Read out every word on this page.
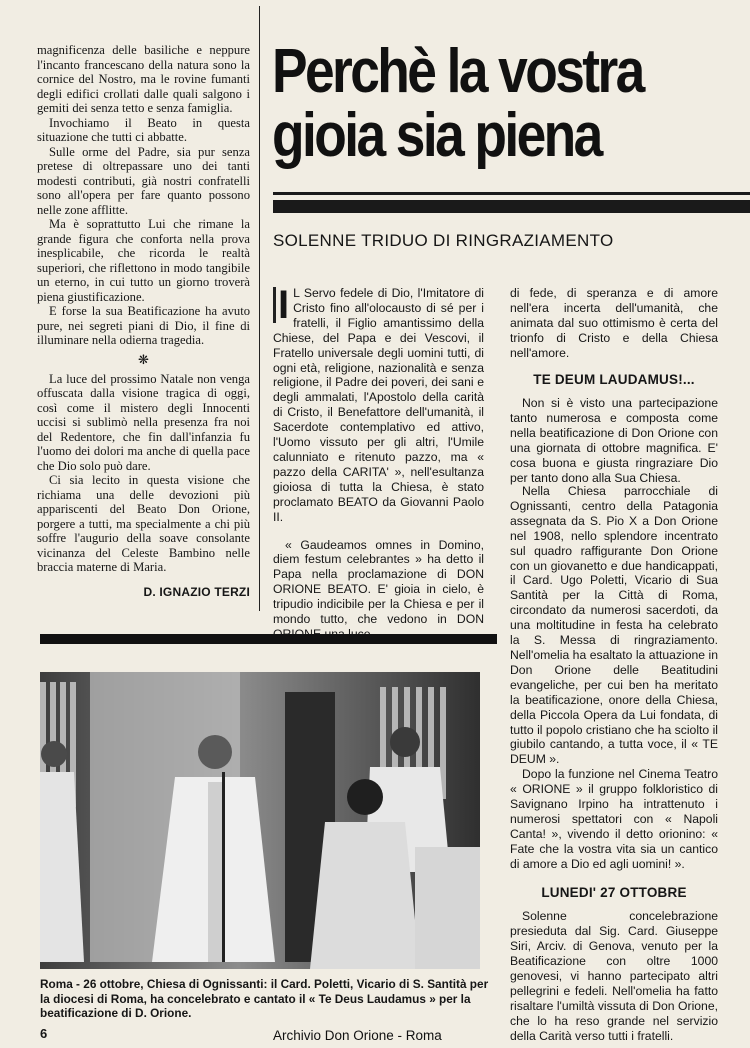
magnificenza delle basiliche e neppure l'incanto francescano della natura sono la cornice del Nostro, ma le rovine fumanti degli edifici crollati dalle quali salgono i gemiti dei senza tetto e senza famiglia.

Invochiamo il Beato in questa situazione che tutti ci abbatte.

Sulle orme del Padre, sia pur senza pretese di oltrepassare uno dei tanti modesti contributi, già nostri confratelli sono all'opera per fare quanto possono nelle zone afflitte.

Ma è soprattutto Lui che rimane la grande figura che conforta nella prova inesplicabile, che ricorda le realtà superiori, che riflettono in modo tangibile un eterno, in cui tutto un giorno troverà piena giustificazione.

E forse la sua Beatificazione ha avuto pure, nei segreti piani di Dio, il fine di illuminare nella odierna tragedia.

❋

La luce del prossimo Natale non venga offuscata dalla visione tragica di oggi, così come il mistero degli Innocenti uccisi si sublimò nella presenza fra noi del Redentore, che fin dall'infanzia fu l'uomo dei dolori ma anche di quella pace che Dio solo può dare.

Ci sia lecito in questa visione che richiama una delle devozioni più appariscenti del Beato Don Orione, porgere a tutti, ma specialmente a chi più soffre l'augurio della soave consolante vicinanza del Celeste Bambino nelle braccia materne di Maria.

D. IGNAZIO TERZI
Perchè la vostra
gioia sia piena
SOLENNE TRIDUO DI RINGRAZIAMENTO

I L Servo fedele di Dio, l'Imitatore di Cristo fino all'olocausto di sé per i fratelli, il Figlio amantissimo della Chiese, del Papa e dei Vescovi, il Fratello universale degli uomini tutti, di ogni età, religione, nazionalità e senza religione, il Padre dei poveri, dei sani e degli ammalati, l'Apostolo della carità di Cristo, il Benefattore dell'umanità, il Sacerdote contemplativo ed attivo, l'Uomo vissuto per gli altri, l'Umile calunniato e ritenuto pazzo, ma « pazzo della CARITA' », nell'esultanza gioiosa di tutta la Chiesa, è stato proclamato BEATO da Giovanni Paolo II.

« Gaudeamos omnes in Domino, diem festum celebrantes » ha detto il Papa nella proclamazione di DON ORIONE BEATO. E' gioia in cielo, è tripudio indicibile per la Chiesa e per il mondo tutto, che vedono in DON

di fede, di speranza e di amore nell'era incerta dell'umanità, che animata dal suo ottimismo è certa del trionfo di Cristo e della Chiesa nell'amore.

TE DEUM LAUDAMUS!...

Non si è visto una partecipazione tanto numerosa e composta come nella beatificazione di Don Orione con una giornata di ottobre magnifica. E' cosa buona e giusta ringraziare Dio per tanto dono alla Sua Chiesa.

Nella Chiesa parrocchiale di Ognissanti, centro della Patagonia assegnata da S. Pio X a Don Orione nel 1908, nello splendore incentrato sul quadro raffigurante Don Orione con un giovanetto e due handicappati, il Card. Ugo Poletti, Vicario di Sua Santità per la Città di Roma, circondato da numerosi sacerdoti, da una moltitudine in festa ha celebrato la S. Messa di ringraziamento. Nell'omelia ha esaltato la attuazione in Don Orione delle Beatitudini evangeliche, per cui ben ha meritato la beatificazione, onore della Chiesa, della Piccola Opera da Lui fondata, di tutto il popolo cristiano che ha sciolto il giubilo cantando, a tutta voce, il « TE DEUM ».

Dopo la funzione nel Cinema Teatro « ORIONE » il gruppo folkloristico di Savignano Irpino ha intrattenuto i numerosi spettatori con « Napoli Canta! », vivendo il detto orionino: « Fate che la vostra vita sia un cantico di amore a Dio ed agli uomini! ».

LUNEDI' 27 OTTOBRE

Solenne concelebrazione presieduta dal Sig. Card. Giuseppe Siri, Arciv. di Genova, venuto per la Beatificazione con oltre 1000 genovesi, vi hanno partecipato altri pellegrini e fedeli. Nell'omelia ha fatto risaltare l'umiltà vissuta di Don Orione, che lo ha reso grande nel servizio della Carità verso tutti i fratelli.

Roma - 26 ottobre, Chiesa di Ognissanti: il Card. Poletti, Vicario di S. Santità per la diocesi di Roma, ha concelebrato e cantato il « Te Deus Laudamus » per la beatificazione di D. Orione.
6	Archivio Don Orione - Roma
